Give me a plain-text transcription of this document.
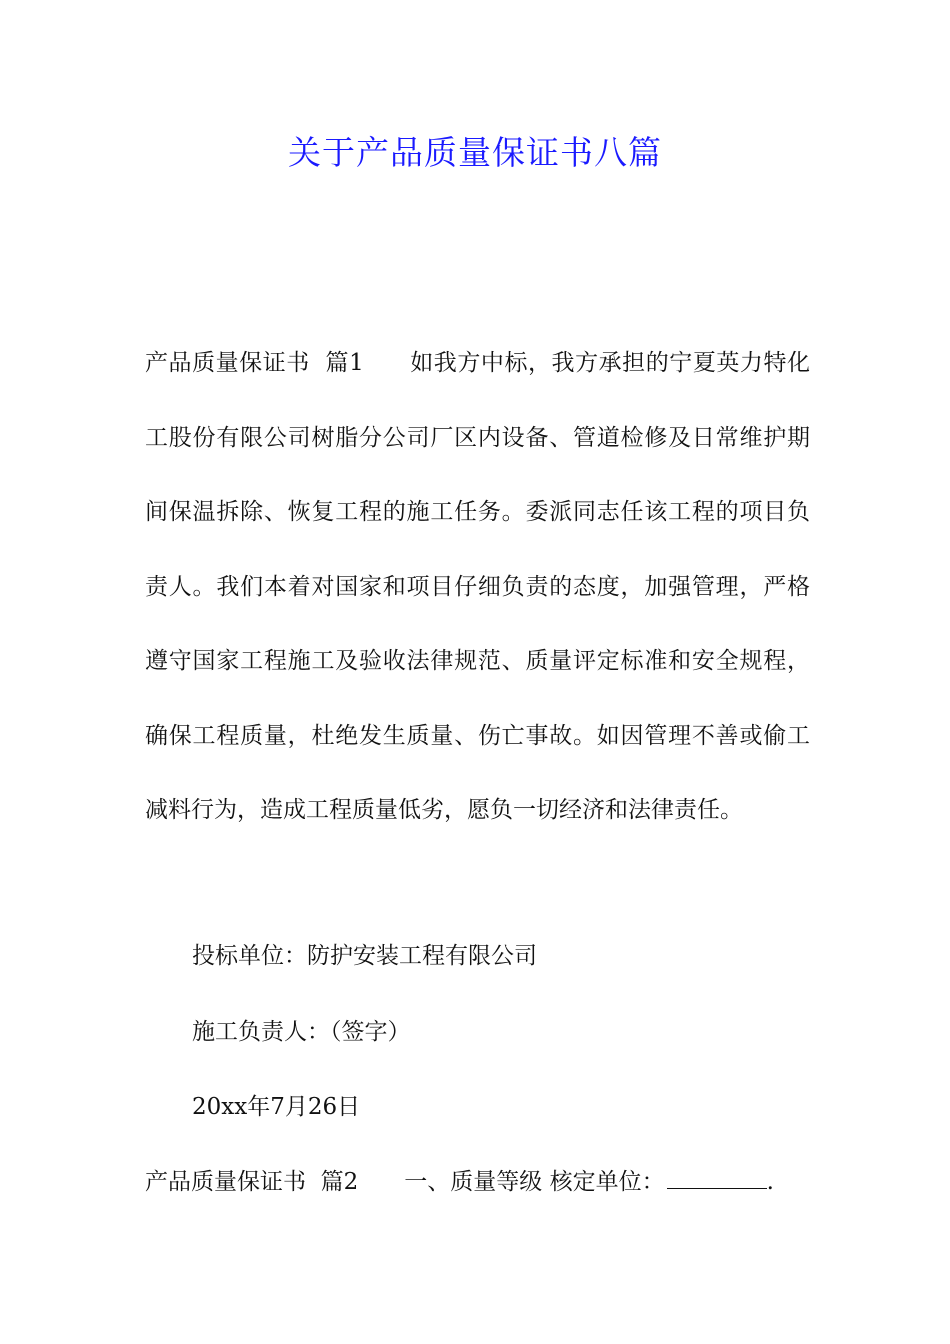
关于产品质量保证书八篇

产品质量保证书  篇1 如我方中标，我方承担的宁夏英力特化工股份有限公司树脂分公司厂区内设备、管道检修及日常维护期间保温拆除、恢复工程的施工任务。委派同志任该工程的项目负责人。我们本着对国家和项目仔细负责的态度，加强管理，严格遵守国家工程施工及验收法律规范、质量评定标准和安全规程，确保工程质量，杜绝发生质量、伤亡事故。如因管理不善或偷工减料行为，造成工程质量低劣，愿负一切经济和法律责任。

投标单位：防护安装工程有限公司

施工负责人：（签字）

20xx年7月26日

产品质量保证书  篇2 一、质量等级 核定单位：	.
